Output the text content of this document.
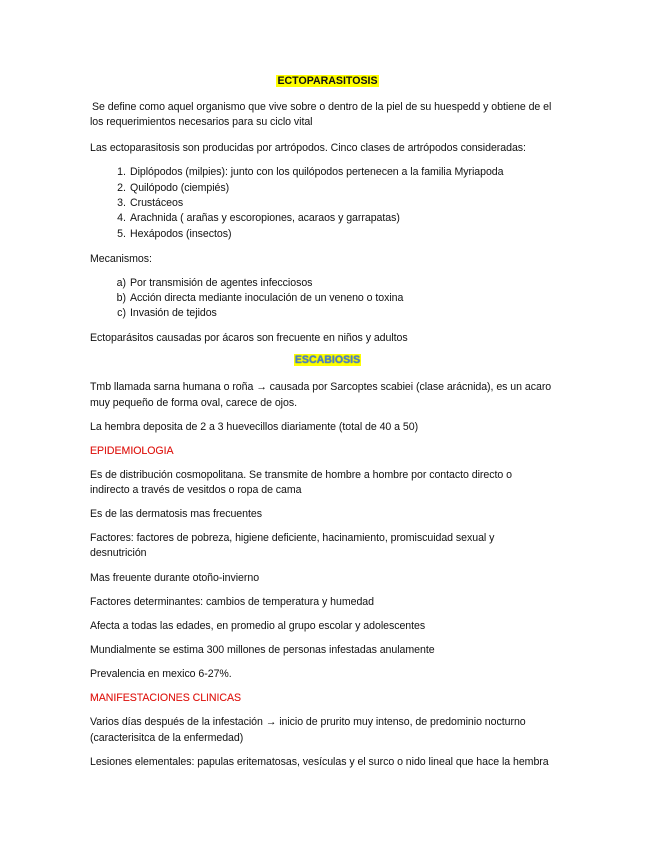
ECTOPARASITOSIS
Se define como aquel organismo que vive sobre o dentro de la piel de su huespedd y obtiene de el
los requerimientos necesarios para su ciclo vital
Las ectoparasitosis son producidas por artrópodos. Cinco clases de artrópodos consideradas:
1. Diplópodos (milpies): junto con los quilópodos pertenecen a la familia Myriapoda
2. Quilópodo (ciempiés)
3. Crustáceos
4. Arachnida ( arañas y escoropiones, acaraos y garrapatas)
5. Hexápodos (insectos)
Mecanismos:
a) Por transmisión de agentes infecciosos
b) Acción directa mediante inoculación de un veneno o toxina
c) Invasión de tejidos
Ectoparásitos causadas por ácaros son frecuente en niños y adultos
ESCABIOSIS
Tmb llamada sarna humana o roña → causada por Sarcoptes scabiei (clase arácnida), es un acaro
muy pequeño de forma oval, carece de ojos.
La hembra deposita de 2 a 3 huevecillos diariamente (total de 40 a 50)
EPIDEMIOLOGIA
Es de distribución cosmopolitana. Se transmite de hombre a hombre por contacto directo o
indirecto a través de vesitdos o ropa de cama
Es de las dermatosis mas frecuentes
Factores: factores de pobreza, higiene deficiente, hacinamiento, promiscuidad sexual y
desnutrición
Mas freuente durante otoño-invierno
Factores determinantes: cambios de temperatura y humedad
Afecta a todas las edades, en promedio al grupo escolar y adolescentes
Mundialmente se estima 300 millones de personas infestadas anulamente
Prevalencia en mexico 6-27%.
MANIFESTACIONES CLINICAS
Varios días después de la infestación → inicio de prurito muy intenso, de predominio nocturno
(caracterisitca de la enfermedad)
Lesiones elementales: papulas eritematosas, vesículas y el surco o nido lineal que hace la hembra
